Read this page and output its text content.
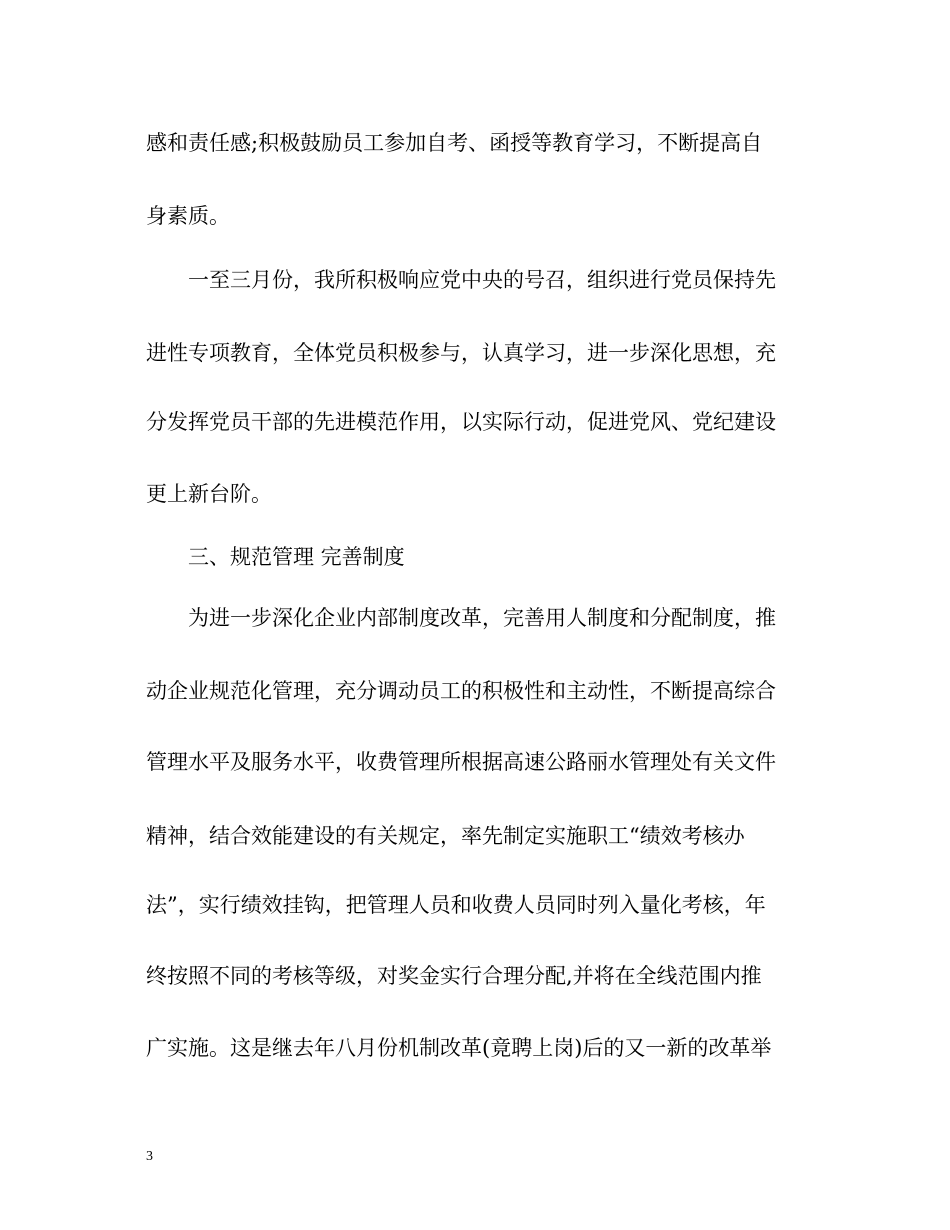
感和责任感;积极鼓励员工参加自考、函授等教育学习，不断提高自
身素质。
一至三月份，我所积极响应党中央的号召，组织进行党员保持先
进性专项教育，全体党员积极参与，认真学习，进一步深化思想，充
分发挥党员干部的先进模范作用，以实际行动，促进党风、党纪建设
更上新台阶。
三、规范管理 完善制度
为进一步深化企业内部制度改革，完善用人制度和分配制度，推
动企业规范化管理，充分调动员工的积极性和主动性，不断提高综合
管理水平及服务水平，收费管理所根据高速公路丽水管理处有关文件
精神，结合效能建设的有关规定，率先制定实施职工“绩效考核办
法”，实行绩效挂钩，把管理人员和收费人员同时列入量化考核，年
终按照不同的考核等级，对奖金实行合理分配,并将在全线范围内推
广实施。这是继去年八月份机制改革(竟聘上岗)后的又一新的改革举
3
